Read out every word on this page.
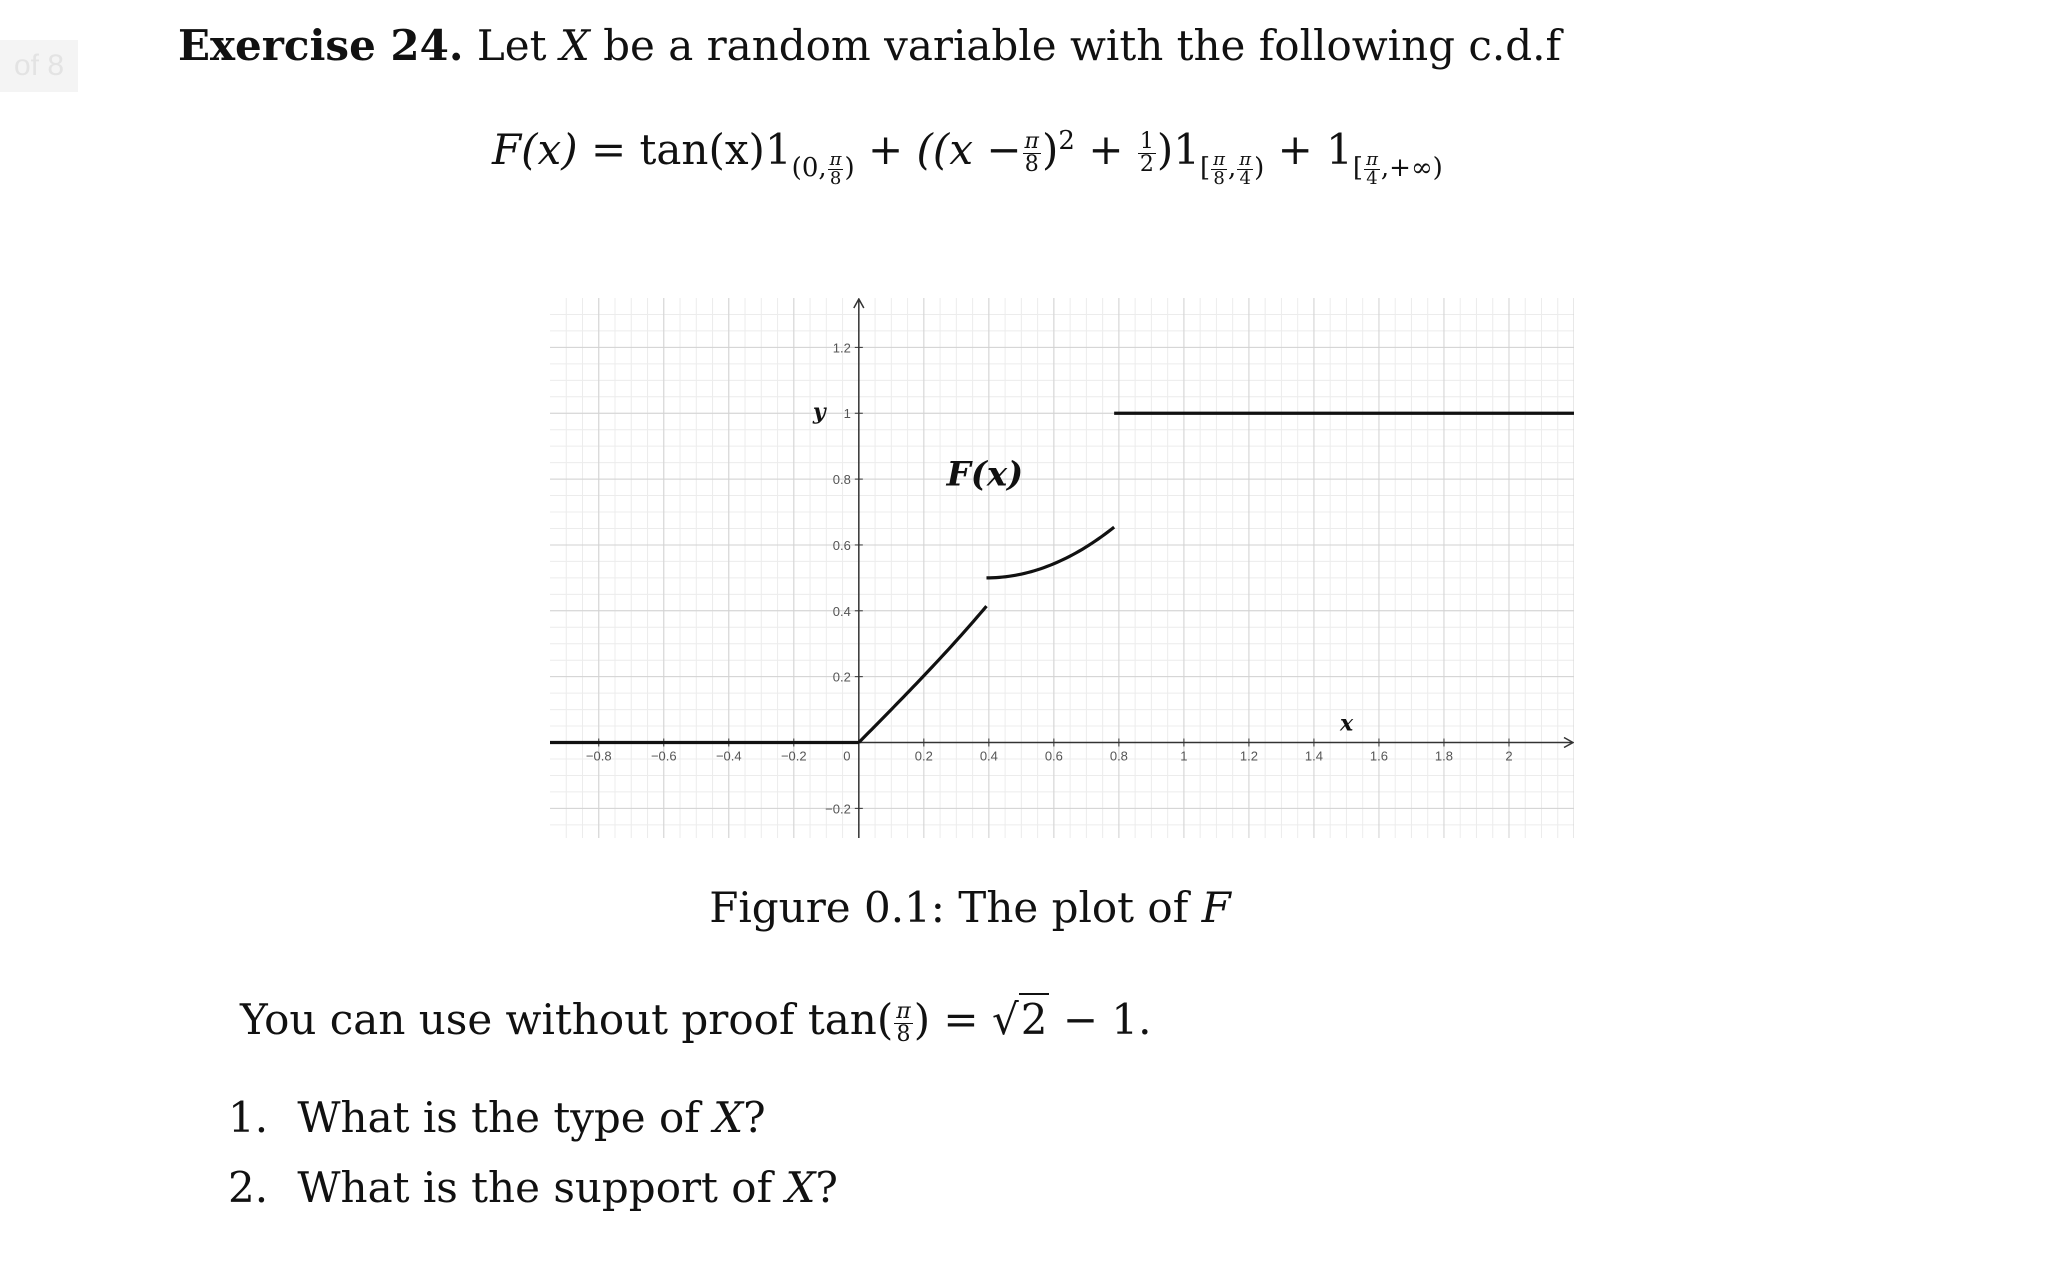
of 8	Exercise 24. Let X be a random variable with the following c.d.f
$F(x) = \tan(x)1_{(0, \frac{\pi}{8} )} + ((x - \frac{\pi}{8} )^2 + \frac{1}{2} )1_{[ \frac{\pi}{8} , \frac{\pi}{4} )} + 1_{[ \frac{\pi}{4} ,+\infty)}$
−0.8	−0.6	−0.4	−0.2	0	0.2	0.4	0.6	0.8	1	1.2	1.4	1.6	1.8	2
−0.2
0.2
0.4
0.6
0.8
1
1.2
y
x
F(x)
Figure 0.1: The plot of F
You can use without proof $\tan( \frac{\pi}{8}$ ) = √2 − 1.
1. What is the type of X?
2. What is the support of X?
